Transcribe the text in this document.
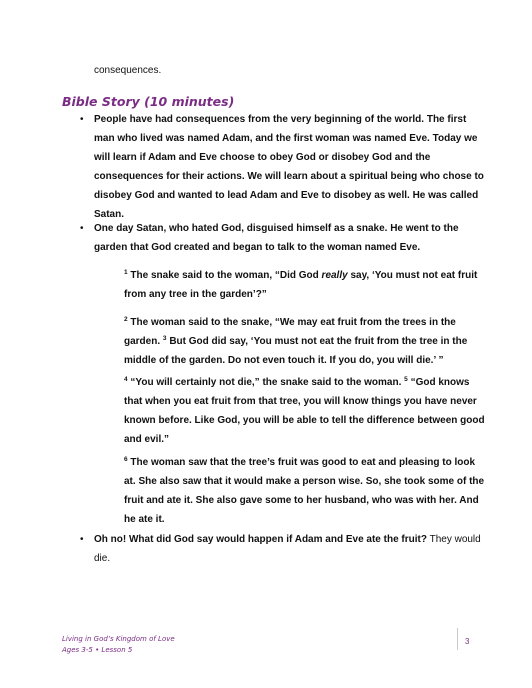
consequences.

Bible Story (10 minutes)
•	People have had consequences from the very beginning of the world. The first man who lived was named Adam, and the first woman was named Eve. Today we will learn if Adam and Eve choose to obey God or disobey God and the consequences for their actions. We will learn about a spiritual being who chose to disobey God and wanted to lead Adam and Eve to disobey as well. He was called Satan.

•	One day Satan, who hated God, disguised himself as a snake. He went to the garden that God created and began to talk to the woman named Eve.

$^1$ The snake said to the woman, “Did God really say, ‘You must not eat fruit from any tree in the garden’?”

$^2$ The woman said to the snake, “We may eat fruit from the trees in the garden. $^3$ But God did say, ‘You must not eat the fruit from the tree in the middle of the garden. Do not even touch it. If you do, you will die.’ ”

$^4$ “You will certainly not die,” the snake said to the woman. $^5$ “God knows that when you eat fruit from that tree, you will know things you have never known before. Like God, you will be able to tell the difference between good and evil.”

$^6$ The woman saw that the tree’s fruit was good to eat and pleasing to look at. She also saw that it would make a person wise. So, she took some of the fruit and ate it. She also gave some to her husband, who was with her. And he ate it.

•	Oh no! What did God say would happen if Adam and Eve ate the fruit? They would die.

Living in God’s Kingdom of Love
Ages 3-5 • Lesson 5
3
